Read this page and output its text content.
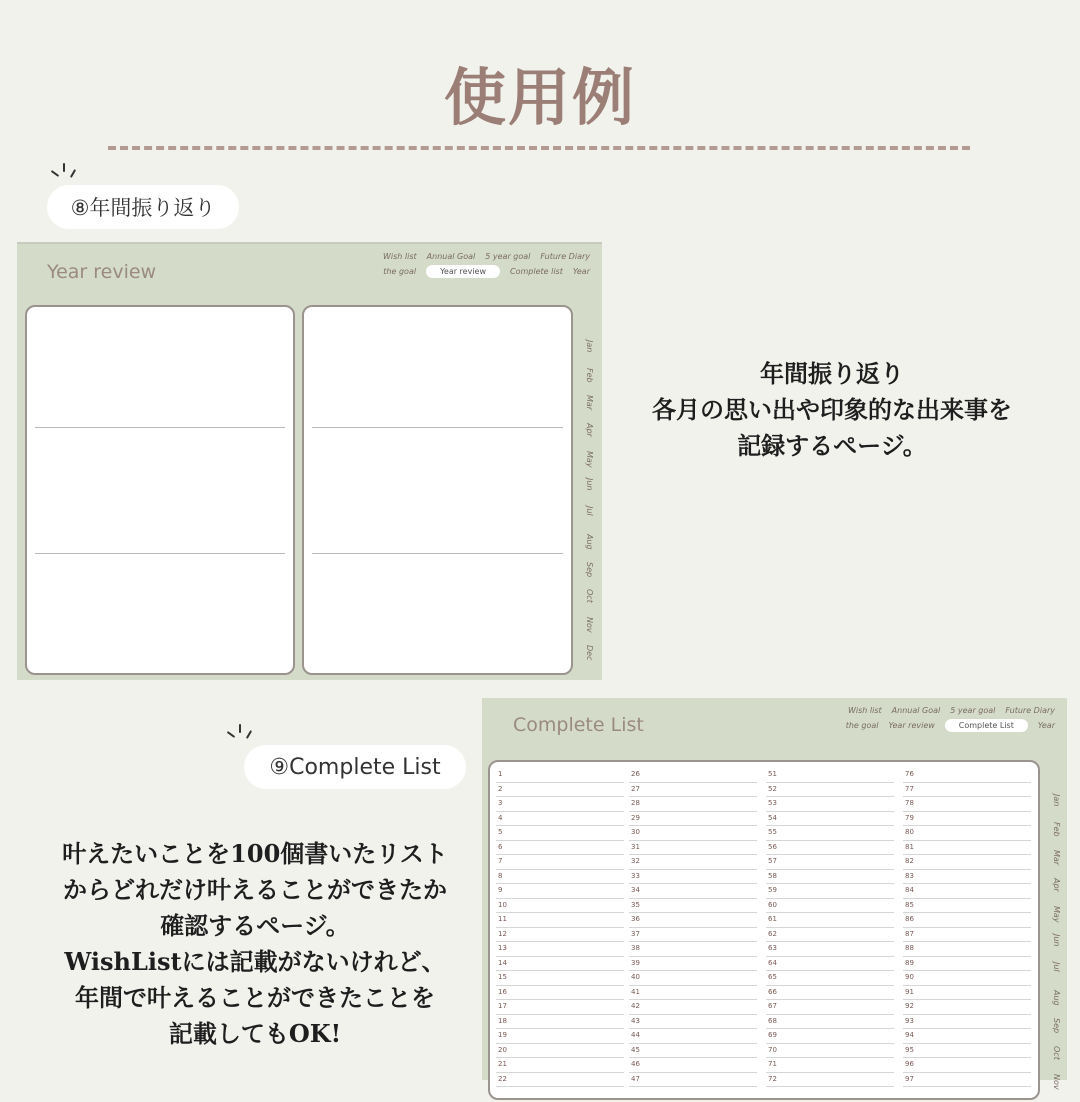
使用例
⑧年間振り返り
Year review
Wish list Annual Goal 5 year goal Future Diary
the goal	Year review	Complete list Year
Jan
Feb
Mar
Apr
May
Jun
Jul
Aug
Sep
Oct
Nov
Dec
年間振り返り
各月の思い出や印象的な出来事を
記録するページ。
⑨Complete List
叶えたいことを100個書いたリスト
からどれだけ叶えることができたか
確認するページ。
WishListには記載がないけれど、
年間で叶えることができたことを
記載してもOK!
Complete List
Wish list Annual Goal 5 year goal Future Diary
the goal Year review	Complete List	Year
1
2
3
4
5
6
7
8
9
10
11
12
13
14
15
16
17
18
19
20
21
22
26
27
28
29
30
31
32
33
34
35
36
37
38
39
40
41
42
43
44
45
46
47
51
52
53
54
55
56
57
58
59
60
61
62
63
64
65
66
67
68
69
70
71
72
76
77
78
79
80
81
82
83
84
85
86
87
88
89
90
91
92
93
94
95
96
97
Jan
Feb
Mar
Apr
May
Jun
Jul
Aug
Sep
Oct
Nov
